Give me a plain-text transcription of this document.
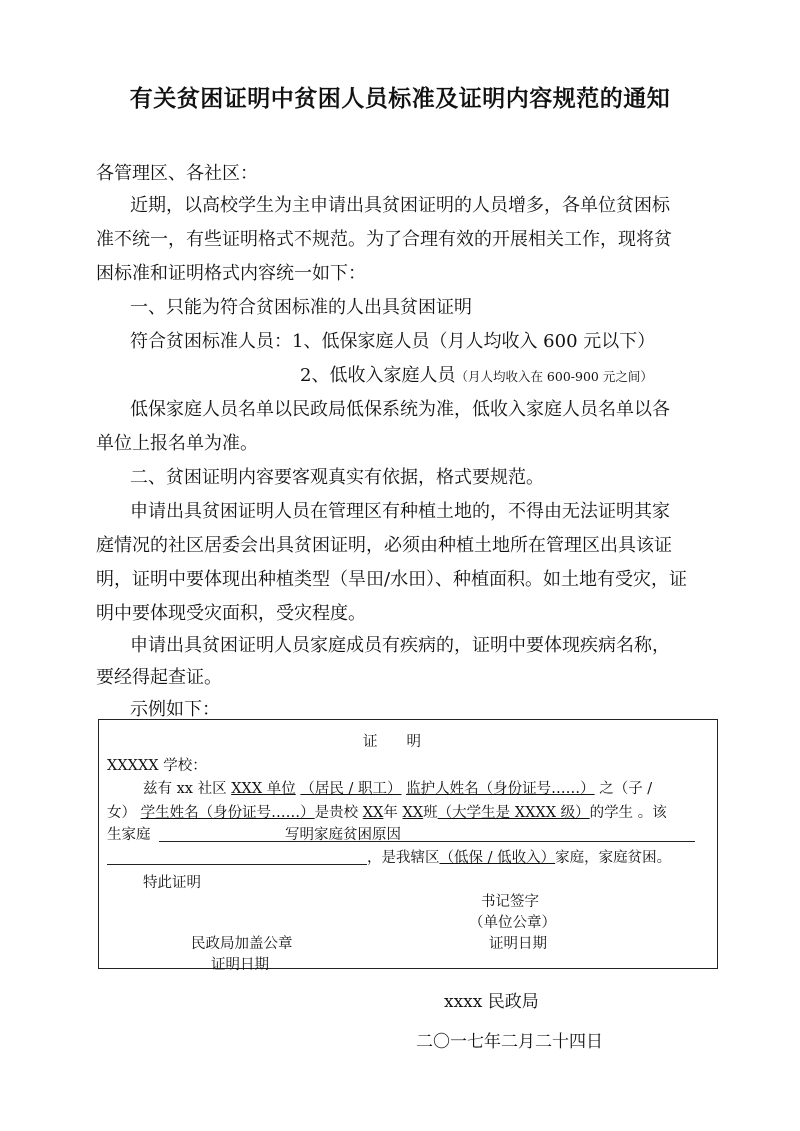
有关贫困证明中贫困人员标准及证明内容规范的通知
各管理区、各社区：
近期，以高校学生为主申请出具贫困证明的人员增多，各单位贫困标
准不统一，有些证明格式不规范。为了合理有效的开展相关工作，现将贫
困标准和证明格式内容统一如下：
一、只能为符合贫困标准的人出具贫困证明
符合贫困标准人员：1、低保家庭人员（月人均收入 600 元以下）
2、低收入家庭人员（月人均收入在 600-900 元之间）
低保家庭人员名单以民政局低保系统为准，低收入家庭人员名单以各
单位上报名单为准。
二、贫困证明内容要客观真实有依据，格式要规范。
申请出具贫困证明人员在管理区有种植土地的，不得由无法证明其家
庭情况的社区居委会出具贫困证明，必须由种植土地所在管理区出具该证
明，证明中要体现出种植类型（旱田/水田）、种植面积。如土地有受灾，证
明中要体现受灾面积，受灾程度。
申请出具贫困证明人员家庭成员有疾病的，证明中要体现疾病名称，
要经得起查证。
示例如下：
证　　明
XXXXX 学校：
兹有 xx 社区 XXX 单位 （居民 / 职工） 监护人姓名（身份证号……） 之（子 /
女） 学生姓名（身份证号……）是贵校 XX年 XX班（大学生是 XXXX 级）的学生 。该
生家庭	写明家庭贫困原因
，是我辖区（低保 / 低收入）家庭，家庭贫困。
特此证明
书记签字
（单位公章）
民政局加盖公章	证明日期
证明日期
xxxx 民政局
二〇一七年二月二十四日
